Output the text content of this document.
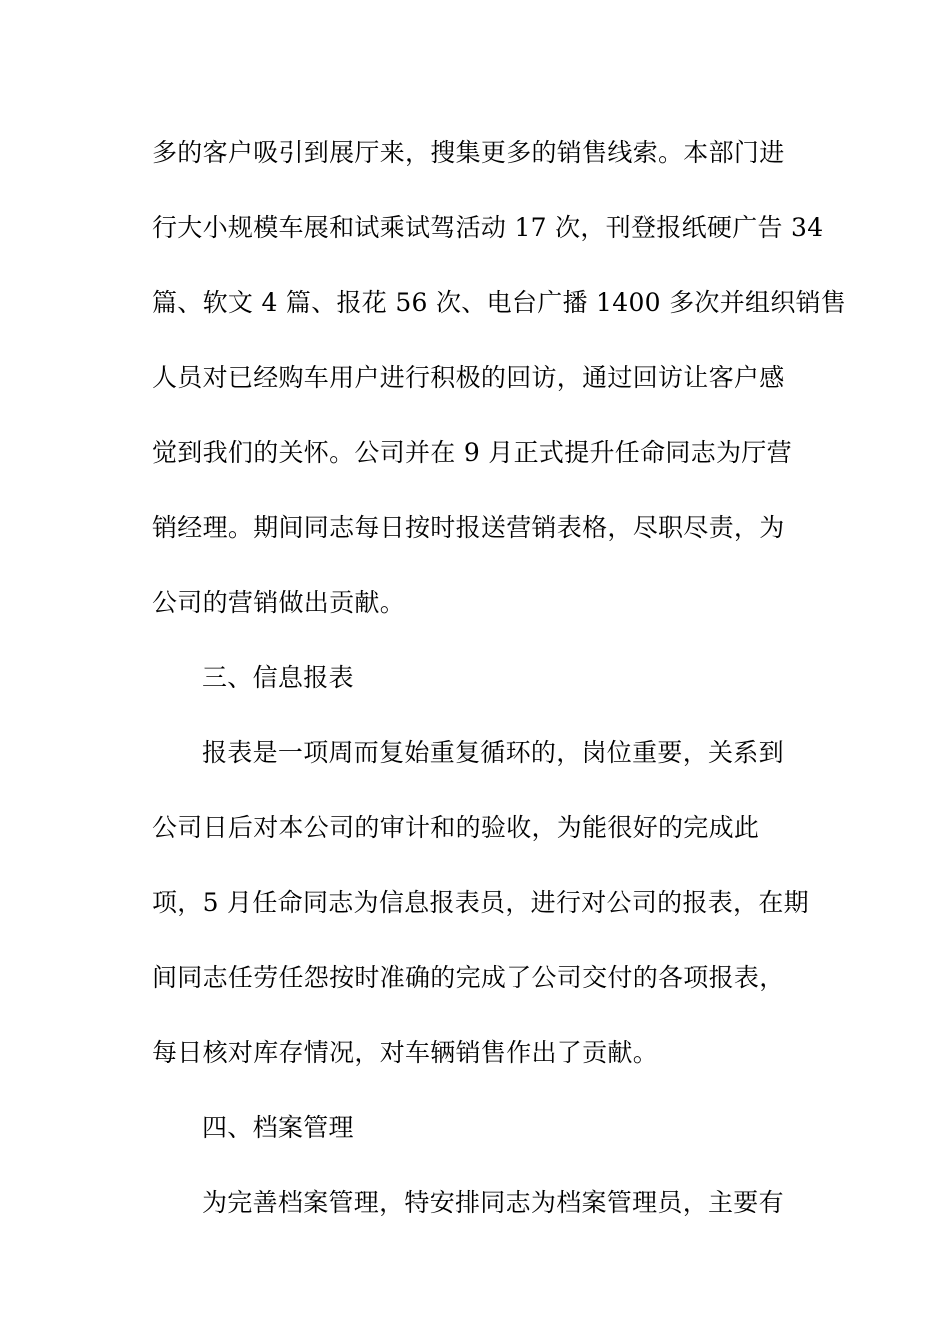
多的客户吸引到展厅来，搜集更多的销售线索。本部门进
行大小规模车展和试乘试驾活动 17 次，刊登报纸硬广告 34
篇、软文 4 篇、报花 56 次、电台广播 1400 多次并组织销售
人员对已经购车用户进行积极的回访，通过回访让客户感
觉到我们的关怀。公司并在 9 月正式提升任命同志为厅营
销经理。期间同志每日按时报送营销表格，尽职尽责，为
公司的营销做出贡献。
三、信息报表
报表是一项周而复始重复循环的，岗位重要，关系到
公司日后对本公司的审计和的验收，为能很好的完成此
项，5 月任命同志为信息报表员，进行对公司的报表，在期
间同志任劳任怨按时准确的完成了公司交付的各项报表，
每日核对库存情况，对车辆销售作出了贡献。
四、档案管理
为完善档案管理，特安排同志为档案管理员，主要有
